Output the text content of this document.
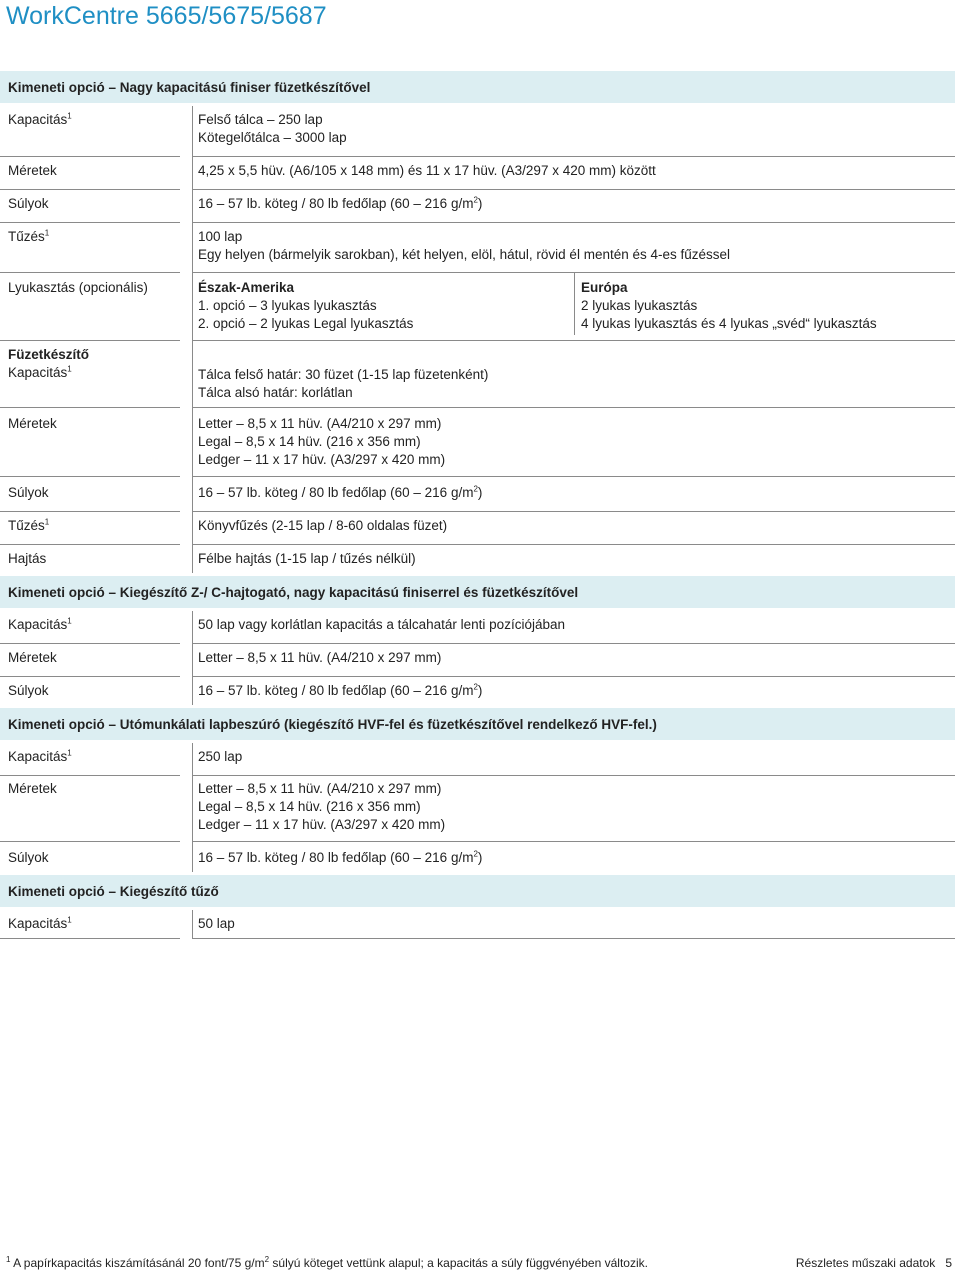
WorkCentre 5665/5675/5687
Kimeneti opció – Nagy kapacitású finiser füzetkészítővel
Kapacitás$^1$	Felső tálca – 250 lap
Kötegelőtálca – 3000 lap
Méretek	4,25 x 5,5 hüv. (A6/105 x 148 mm) és 11 x 17 hüv. (A3/297 x 420 mm) között
Súlyok	16 – 57 lb. köteg / 80 lb fedőlap (60 – 216 $g/m^2$)
Tűzés$^1$	100 lap
Egy helyen (bármelyik sarokban), két helyen, elöl, hátul, rövid él mentén és 4-es fűzéssel
Lyukasztás (opcionális)	Észak-Amerika
1. opció – 3 lyukas lyukasztás
2. opció – 2 lyukas Legal lyukasztás
Európa
2 lyukas lyukasztás
4 lyukas lyukasztás és 4 lyukas „svéd“ lyukasztás
Füzetkészítő
Kapacitás$^1$	Tálca felső határ: 30 füzet (1-15 lap füzetenként)
Tálca alsó határ: korlátlan
Méretek	Letter – 8,5 x 11 hüv. (A4/210 x 297 mm)
Legal – 8,5 x 14 hüv. (216 x 356 mm)
Ledger – 11 x 17 hüv. (A3/297 x 420 mm)
Súlyok	16 – 57 lb. köteg / 80 lb fedőlap (60 – 216 $g/m^2$)
Tűzés$^1$	Könyvfűzés (2-15 lap / 8-60 oldalas füzet)
Hajtás	Félbe hajtás (1-15 lap / tűzés nélkül)
Kimeneti opció – Kiegészítő Z-/ C-hajtogató, nagy kapacitású finiserrel és füzetkészítővel
Kapacitás$^1$	50 lap vagy korlátlan kapacitás a tálcahatár lenti pozíciójában
Méretek	Letter – 8,5 x 11 hüv. (A4/210 x 297 mm)
Súlyok	16 – 57 lb. köteg / 80 lb fedőlap (60 – 216 $g/m^2$)
Kimeneti opció – Utómunkálati lapbeszúró (kiegészítő HVF-fel és füzetkészítővel rendelkező HVF-fel.)
Kapacitás$^1$	250 lap
Méretek	Letter – 8,5 x 11 hüv. (A4/210 x 297 mm)
Legal – 8,5 x 14 hüv. (216 x 356 mm)
Ledger – 11 x 17 hüv. (A3/297 x 420 mm)
Súlyok	16 – 57 lb. köteg / 80 lb fedőlap (60 – 216 $g/m^2$)
Kimeneti opció – Kiegészítő tűző
Kapacitás$^1$	50 lap
$^1$ A papírkapacitás kiszámításánál 20 font/75 $g/m^2$ súlyú köteget vettünk alapul; a kapacitás a súly függvényében változik.	Részletes műszaki adatok 5
